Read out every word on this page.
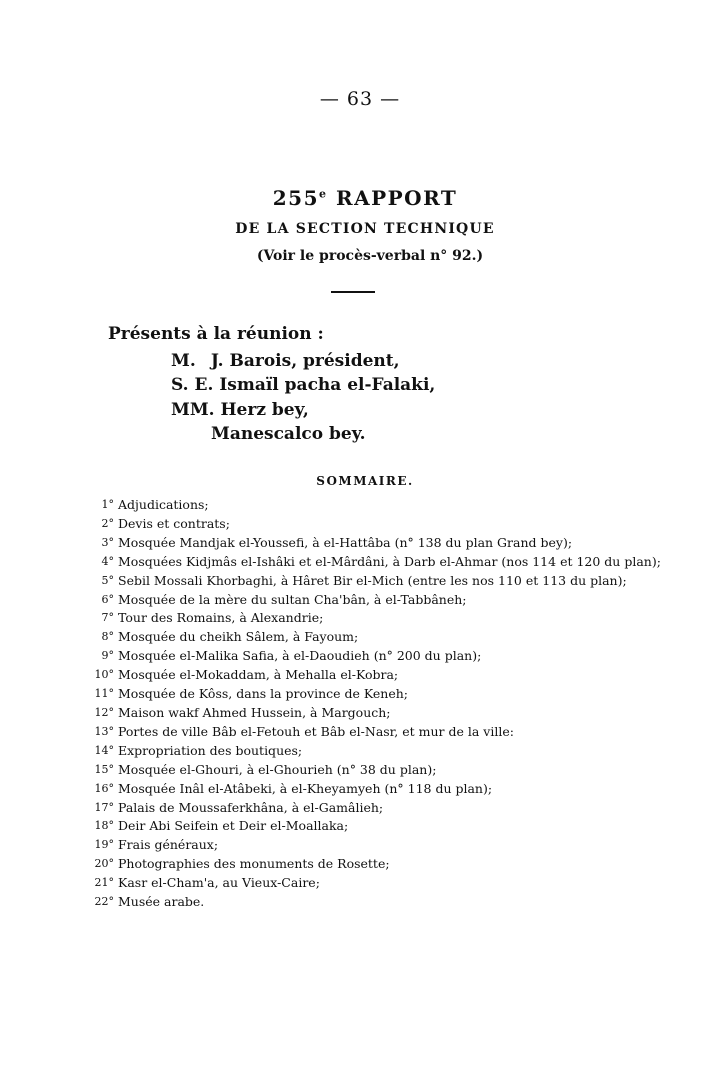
— 63 —
255e RAPPORT
DE LA SECTION TECHNIQUE
(Voir le procès-verbal n° 92.)
Présents à la réunion :
M. J. Barois, président,
S. E. Ismaïl pacha el-Falaki,
MM. Herz bey,
Manescalco bey.
SOMMAIRE.
1° Adjudications;
2° Devis et contrats;
3° Mosquée Mandjak el-Youssefi, à el-Hattâba (n° 138 du plan Grand bey);
4° Mosquées Kidjmâs el-Ishâki et el-Mârdâni, à Darb el-Ahmar (nos 114 et 120 du plan);
5° Sebil Mossali Khorbaghi, à Hâret Bir el-Mich (entre les nos 110 et 113 du plan);
6° Mosquée de la mère du sultan Cha'bân, à el-Tabbâneh;
7° Tour des Romains, à Alexandrie;
8° Mosquée du cheikh Sâlem, à Fayoum;
9° Mosquée el-Malika Safia, à el-Daoudieh (n° 200 du plan);
10° Mosquée el-Mokaddam, à Mehalla el-Kobra;
11° Mosquée de Kôss, dans la province de Keneh;
12° Maison wakf Ahmed Hussein, à Margouch;
13° Portes de ville Bâb el-Fetouh et Bâb el-Nasr, et mur de la ville:
14° Expropriation des boutiques;
15° Mosquée el-Ghouri, à el-Ghourieh (n° 38 du plan);
16° Mosquée Inâl el-Atâbeki, à el-Kheyamyeh (n° 118 du plan);
17° Palais de Moussaferkhâna, à el-Gamâlieh;
18° Deir Abi Seifein et Deir el-Moallaka;
19° Frais généraux;
20° Photographies des monuments de Rosette;
21° Kasr el-Cham'a, au Vieux-Caire;
22° Musée arabe.
